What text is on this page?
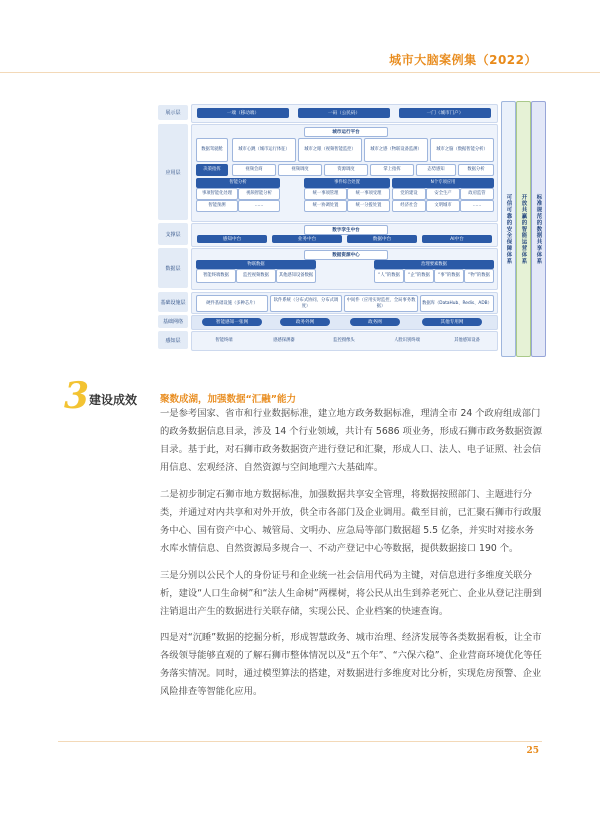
城市大脑案例集（2022）
展示层	一端（移动端）	一码（公民码）	一门（城市门户）
应用层
城市运行平台
数据驾驶舱	城市心跳（城市运行体征）	城市之眼（视频智能监控）	城市之感（物联设备监测）	城市之脑（数据智能分析）
决策指挥	视频会商	视频调度	资源调度	掌上指挥	态势感知	数据分析
智能分析
事项智能化处理	视频智能分析
智能预测	……
事件综合处置
统一事项管理	统一事项受理
统一协调处置	统一分拨处置
N个专项应用
党的建设	安全生产	政府监管
经济社会	文明城市	……
支撑层
数字孪生中台
感知中台	业务中台	数据中台	AI中台
数据层
数据资源中心
物联数据
智能终端数据	监控视频数据	其他感知设备数据
治理要素数据
“人”的数据	“企”的数据	“事”的数据	“物”的数据
基础设施层	硬件基础设施（多种芯片）
软件系统（分布式协同、分布式调度）
中间件（应用实时监控、全局事务数据）
数据库（DataHub、Redis、ADB）
基础网络	智能感知一张网	政务外网	政务网	其他专用网
感知层	智能终端	感感探测器	监控摄像头	人脸识别终端	其他感知设备
可信可靠的安全保障体系 开放共赢的智能运营体系 标准规范的数据共享体系
3 建设成效 聚数成湖，加强数据“汇融”能力

一是参考国家、省市和行业数据标准，建立地方政务数据标准，理清全市 24 个政府组成部门的政务数据信息目录，涉及 14 个行业领域，共计有 5686 项业务，形成石狮市政务数据资源目录。基于此，对石狮市政务数据资产进行登记和汇聚，形成人口、法人、电子证照、社会信用信息、宏观经济、自然资源与空间地理六大基础库。

二是初步制定石狮市地方数据标准，加强数据共享安全管理，将数据按照部门、主题进行分类，并通过对内共享和对外开放，供全市各部门及企业调用。截至目前，已汇聚石狮市行政服务中心、国有资产中心、城管局、文明办、应急局等部门数据超 5.5 亿条，并实时对接水务水库水情信息、自然资源局多规合一、不动产登记中心等数据，提供数据接口 190 个。

三是分别以公民个人的身份证号和企业统一社会信用代码为主键，对信息进行多维度关联分析，建设“人口生命树”和“法人生命树”两棵树，将公民从出生到养老死亡、企业从登记注册到注销退出产生的数据进行关联存储，实现公民、企业档案的快速查询。

四是对“沉睡”数据的挖掘分析，形成智慧政务、城市治理、经济发展等各类数据看板，让全市各级领导能够直观的了解石狮市整体情况以及“五个年”、“六保六稳”、企业营商环境优化等任务落实情况。同时，通过模型算法的搭建，对数据进行多维度对比分析，实现危房预警、企业风险排查等智能化应用。

25
